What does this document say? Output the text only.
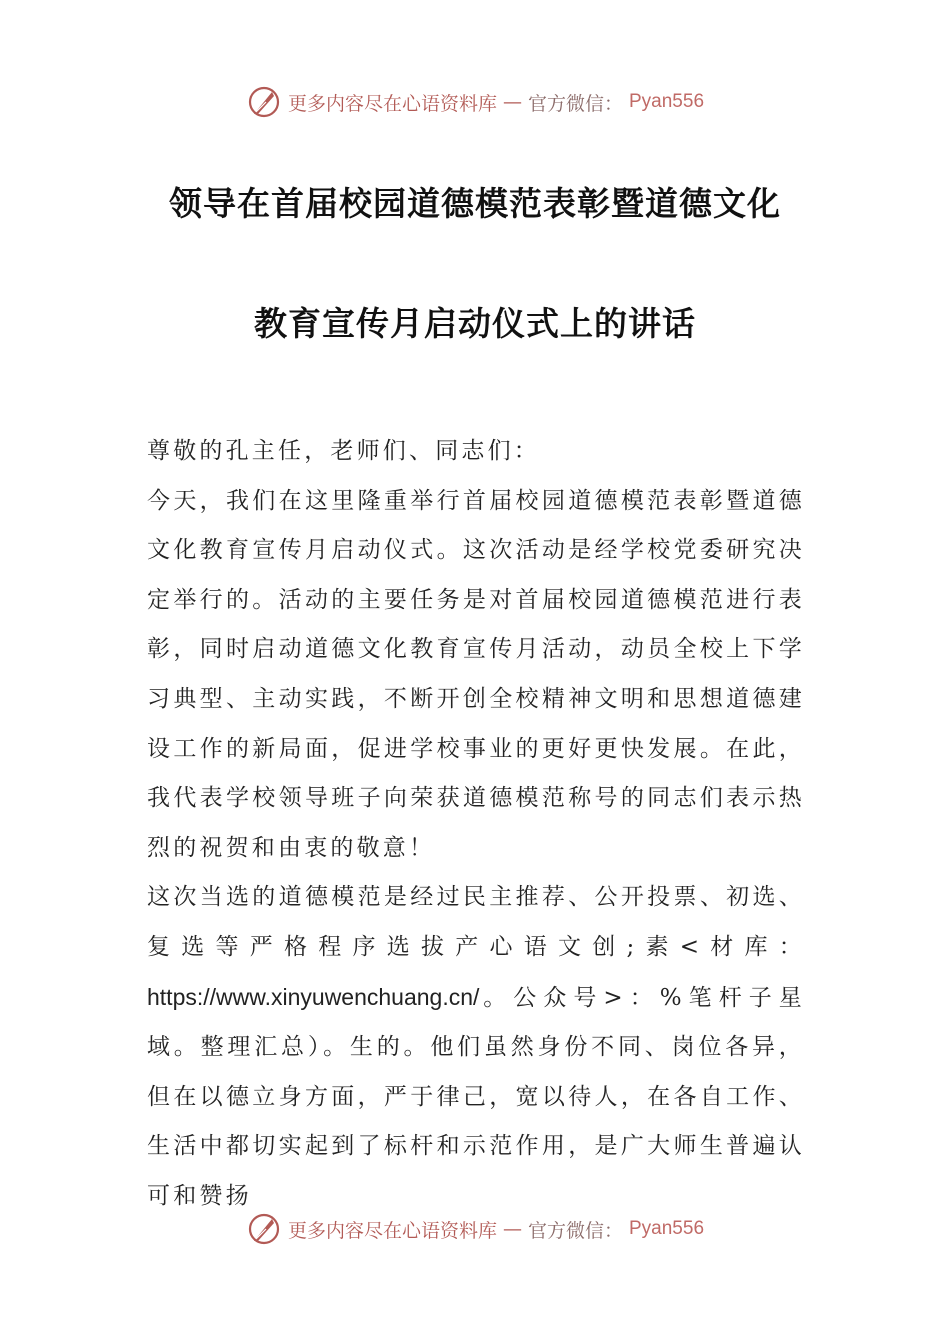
更多内容尽在心语资料库 — 官方微信： Pyan556
领导在首届校园道德模范表彰暨道德文化
教育宣传月启动仪式上的讲话

尊敬的孔主任，老师们、同志们：

今天，我们在这里隆重举行首届校园道德模范表彰暨道德文化教育宣传月启动仪式。这次活动是经学校党委研究决定举行的。活动的主要任务是对首届校园道德模范进行表彰，同时启动道德文化教育宣传月活动，动员全校上下学习典型、主动实践，不断开创全校精神文明和思想道德建设工作的新局面，促进学校事业的更好更快发展。在此，我代表学校领导班子向荣获道德模范称号的同志们表示热烈的祝贺和由衷的敬意！

这次当选的道德模范是经过民主推荐、公开投票、初选、复选等严格程序选拔产心语文创;素<材库：https://www.xinyuwenchuang.cn/。公众号>：%笔杆子星域。整理汇总）。生的。他们虽然身份不同、岗位各异，但在以德立身方面，严于律己，宽以待人，在各自工作、生活中都切实起到了标杆和示范作用，是广大师生普遍认可和赞扬

更多内容尽在心语资料库 — 官方微信： Pyan556
